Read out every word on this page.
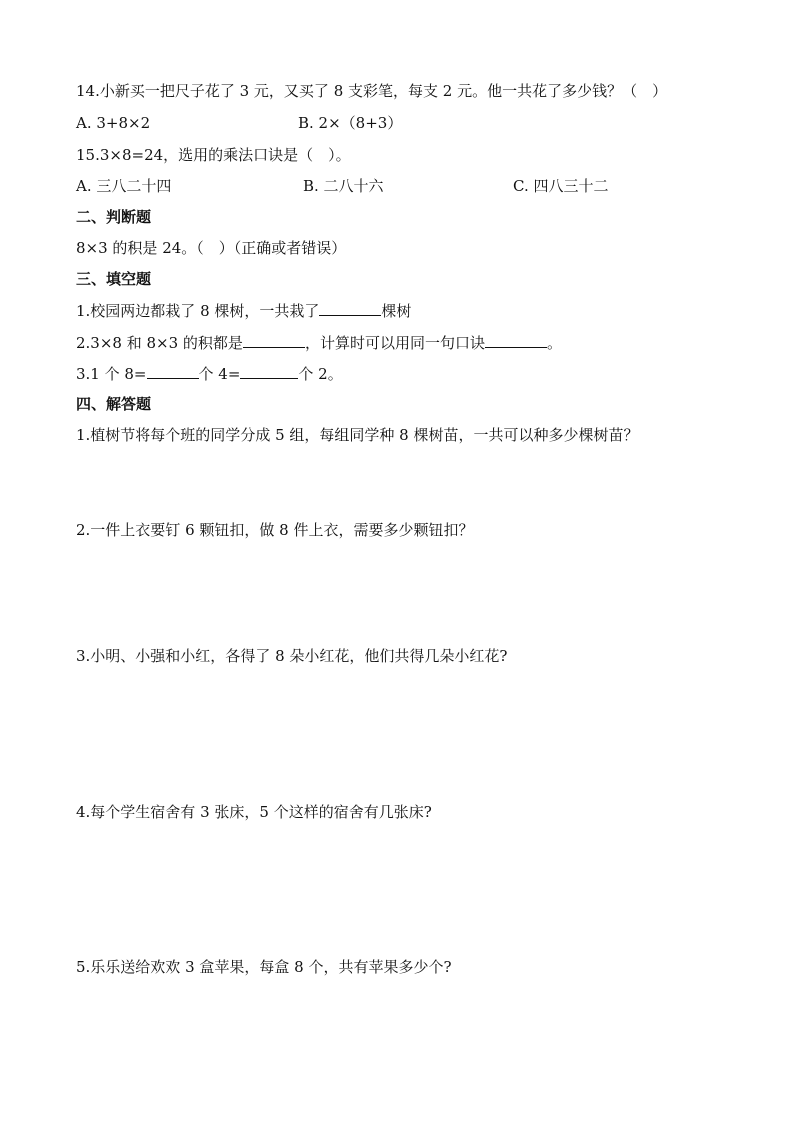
14.小新买一把尺子花了 3 元，又买了 8 支彩笔，每支 2 元。他一共花了多少钱？（　）
A. 3+8×2	B. 2×（8+3）
15.3×8=24，选用的乘法口诀是（　）。
A. 三八二十四	B. 二八十六	C. 四八三十二
二、判断题
8×3 的积是 24。（　）（正确或者错误）
三、填空题
1.校园两边都栽了 8 棵树，一共栽了	棵树
2.3×8 和 8×3 的积都是	，计算时可以用同一句口诀	。
3.1 个 8=	个 4=	个 2。
四、解答题
1.植树节将每个班的同学分成 5 组，每组同学种 8 棵树苗，一共可以种多少棵树苗？
2.一件上衣要钉 6 颗钮扣，做 8 件上衣，需要多少颗钮扣？
3.小明、小强和小红，各得了 8 朵小红花，他们共得几朵小红花?
4.每个学生宿舍有 3 张床，5 个这样的宿舍有几张床?
5.乐乐送给欢欢 3 盒苹果，每盒 8 个，共有苹果多少个?
